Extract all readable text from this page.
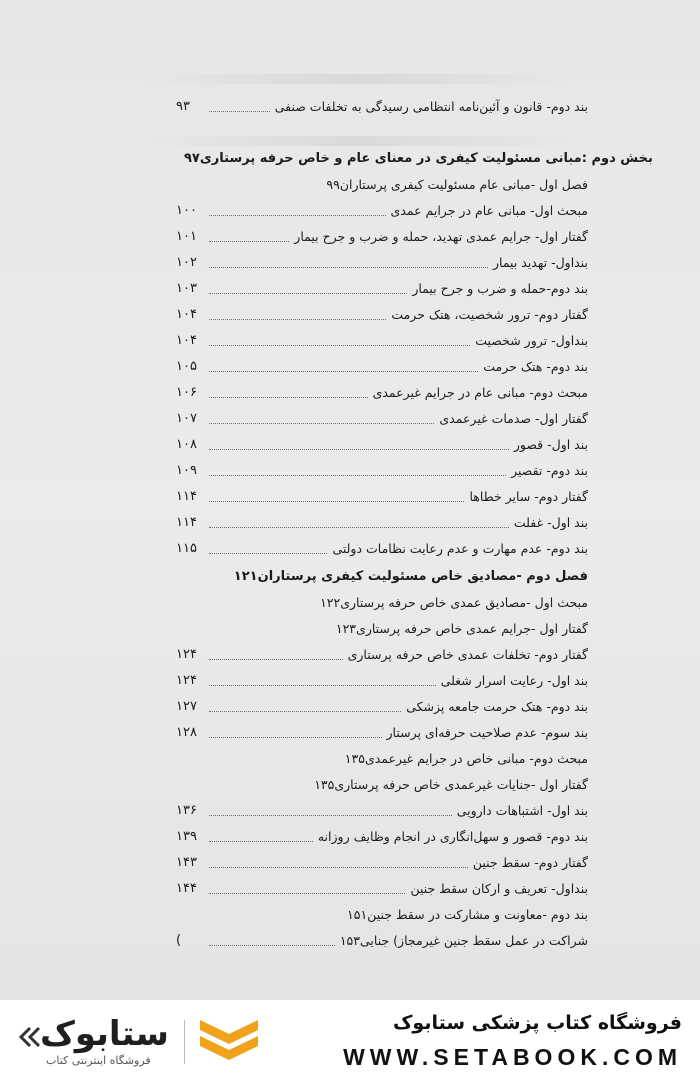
۹۳	بند دوم- قانون و آئین‌نامه انتظامی رسیدگی به تخلفات صنفی
بخش دوم :مبانی مسئولیت کیفری در معنای عام و خاص حرفه پرستاری۹۷
فصل اول -مبانی عام مسئولیت کیفری پرستاران۹۹
۱۰۰	مبحث اول- مبانی عام در جرایم عمدی
۱۰۱	گفتار اول- جرایم عمدی تهدید، حمله و ضرب و جرح بیمار
۱۰۲	بنداول- تهدید بیمار
۱۰۳	بند دوم-حمله و ضرب و جرح بیمار
۱۰۴	گفتار دوم- ترور شخصیت، هتک حرمت
۱۰۴	بنداول- ترور شخصیت
۱۰۵	بند دوم- هتک حرمت
۱۰۶	مبحث دوم- مبانی عام در جرایم غیرعمدی
۱۰۷	گفتار اول- صدمات غیرعمدی
۱۰۸	بند اول- قصور
۱۰۹	بند دوم- تقصیر
۱۱۴	گفتار دوم- سایر خطاها
۱۱۴	بند اول- غفلت
۱۱۵	بند دوم- عدم مهارت و عدم رعایت نظامات دولتی
فصل دوم -مصادیق خاص مسئولیت کیفری پرستاران۱۲۱
مبحث اول -مصادیق عمدی خاص حرفه پرستاری۱۲۲
گفتار اول -جرایم عمدی خاص حرفه پرستاری۱۲۳
۱۲۴	گفتار دوم- تخلفات عمدی خاص حرفه پرستاری
۱۲۴	بند اول- رعایت اسرار شغلی
۱۲۷	بند دوم- هتک حرمت جامعه پزشکی
۱۲۸	بند سوم- عدم صلاحیت حرفه‌ای پرستار
مبحث دوم- مبانی خاص در جرایم غیرعمدی۱۳۵
گفتار اول -جنایات غیرعمدی خاص حرفه پرستاری۱۳۵
۱۳۶	بند اول- اشتباهات دارویی
۱۳۹	بند دوم- قصور و سهل‌انگاری در انجام وظایف روزانه
۱۴۳	گفتار دوم- سقط جنین
۱۴۴	بنداول- تعریف و ارکان سقط جنین
بند دوم -معاونت و مشارکت در سقط جنین۱۵۱
(	شراکت در عمل سقط جنین غیرمجاز) جنایی۱۵۳
فروشگاه کتاب پزشکی ستابوک
WWW.SETABOOK.COM
ستابوک
فروشگاه اینترنتی کتاب
